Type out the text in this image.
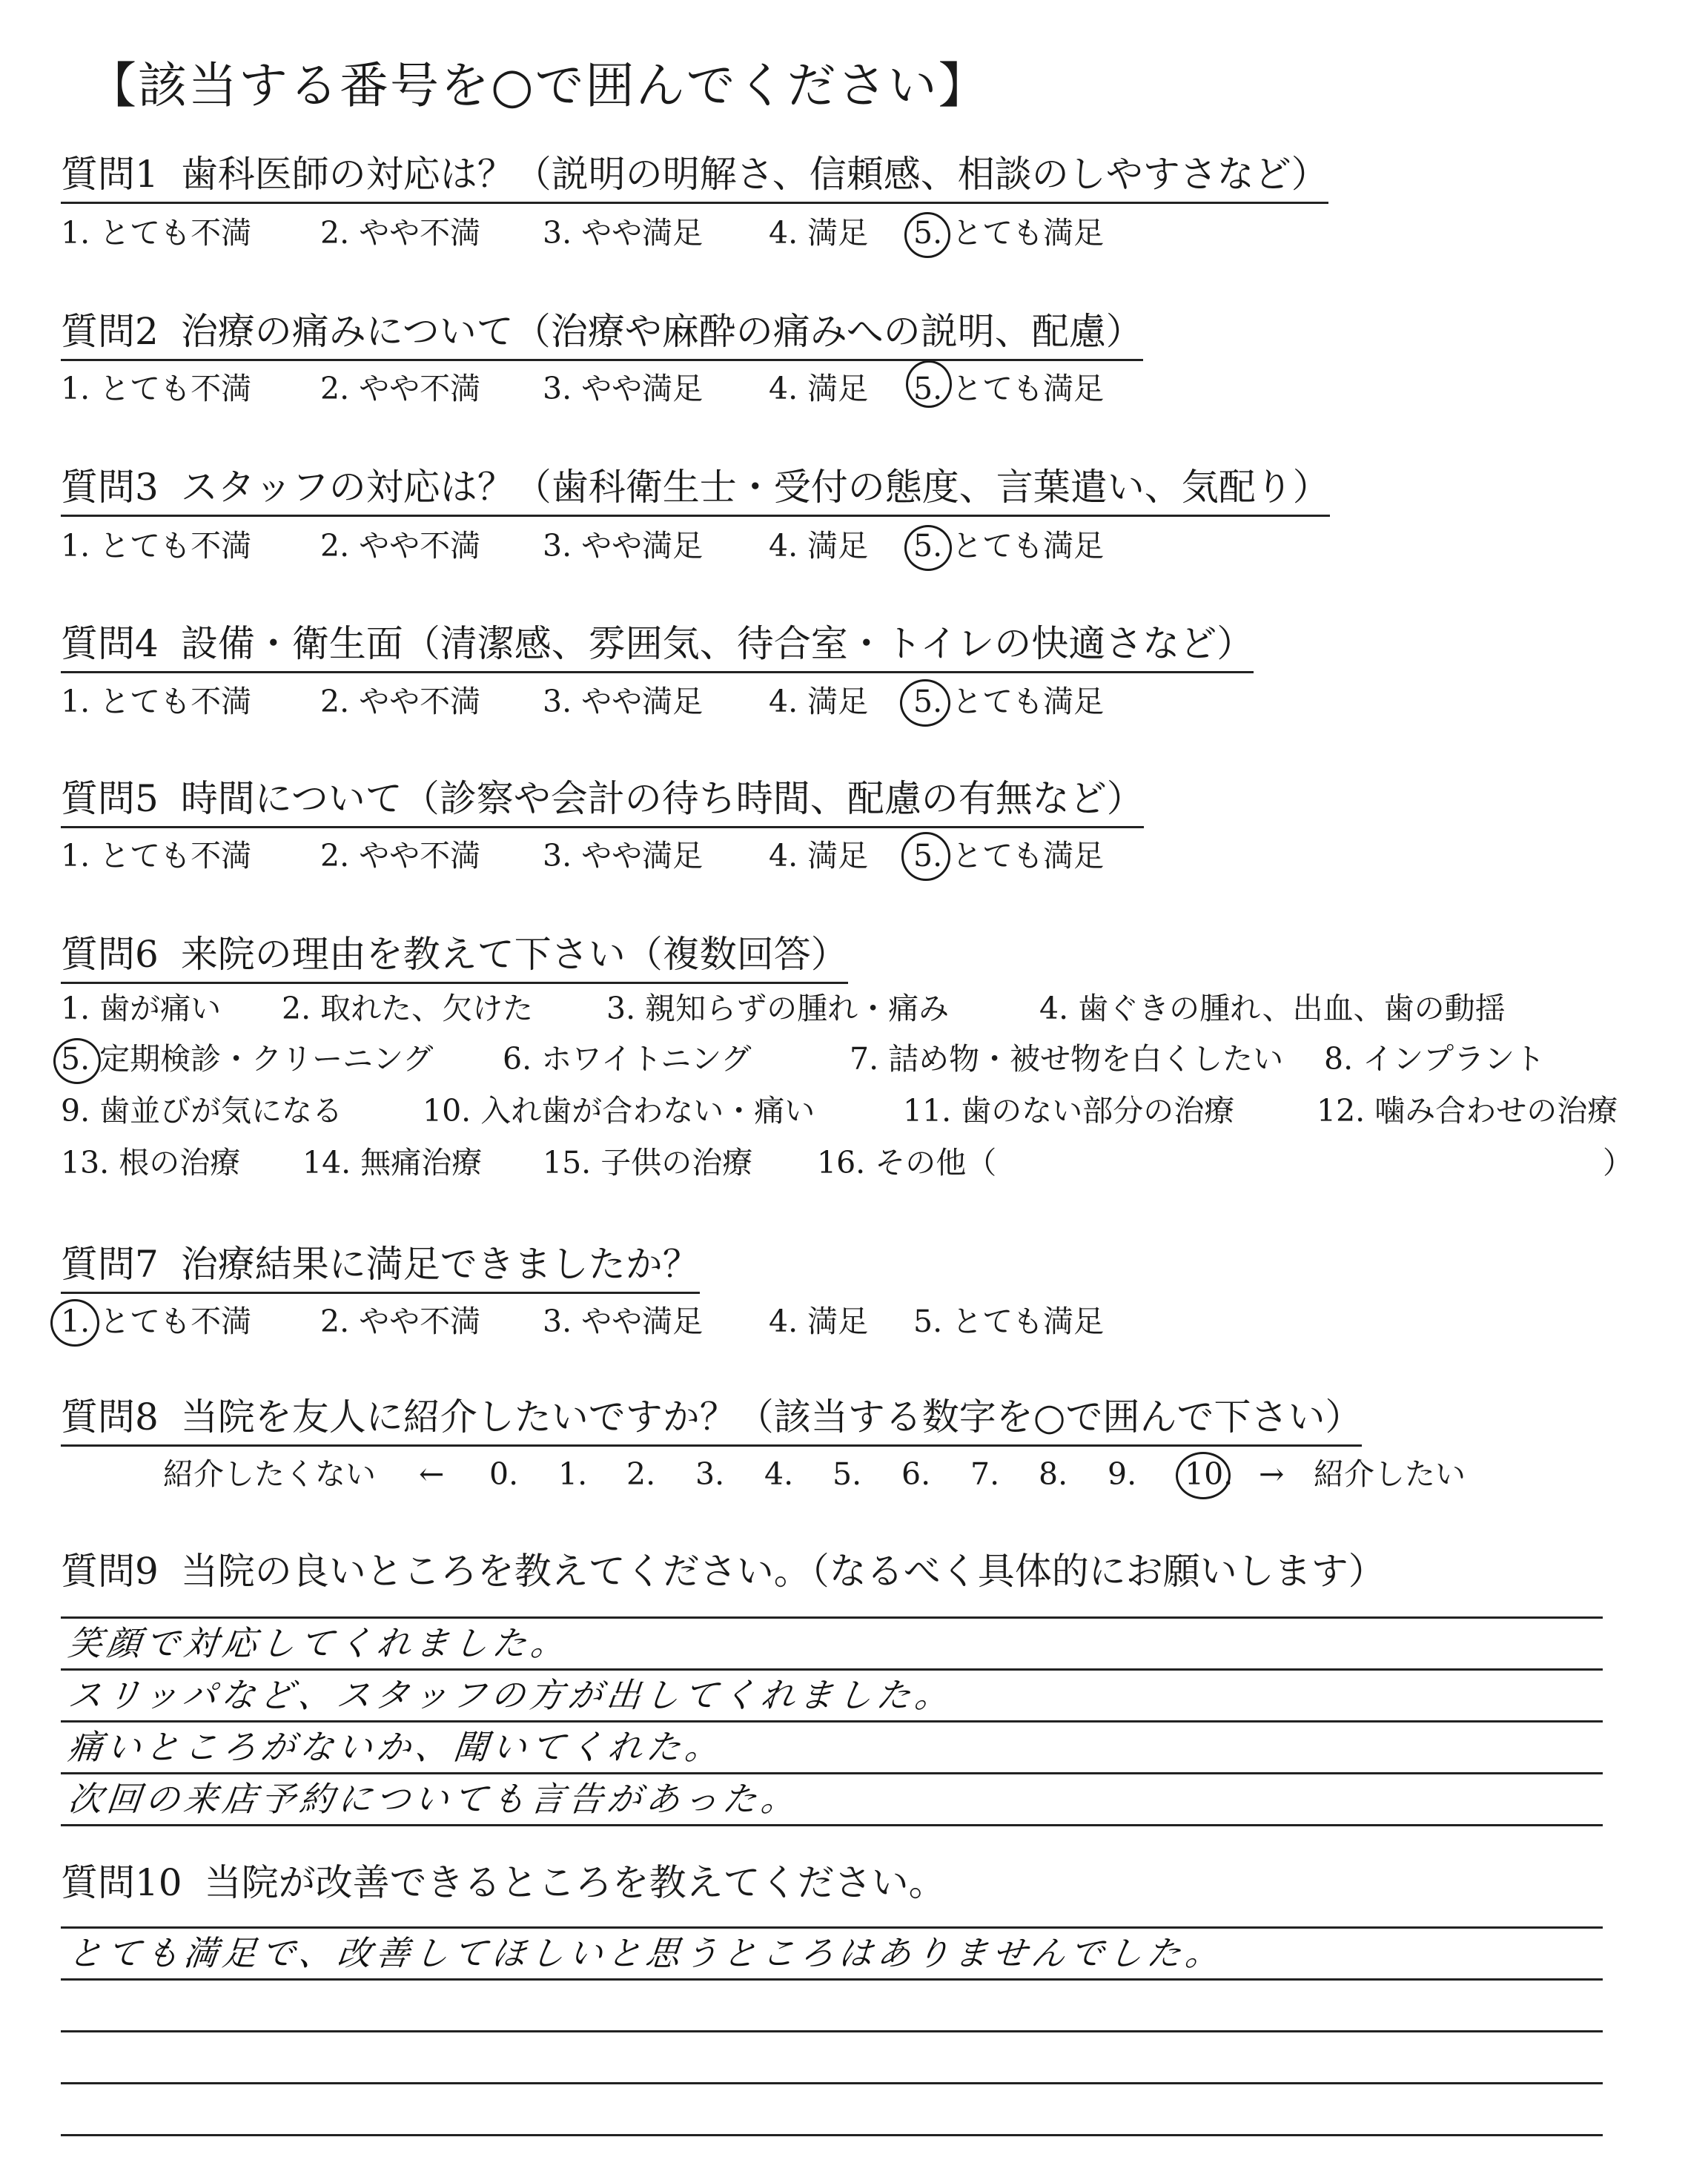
【該当する番号を○で囲んでください】
質問1 歯科医師の対応は？（説明の明解さ、信頼感、相談のしやすさなど）
1. とても不満 2. やや不満 3. やや満足 4. 満足 5. とても満足
質問2 治療の痛みについて（治療や麻酔の痛みへの説明、配慮）
1. とても不満 2. やや不満 3. やや満足 4. 満足 5. とても満足
質問3 スタッフの対応は？（歯科衛生士・受付の態度、言葉遣い、気配り）
1. とても不満 2. やや不満 3. やや満足 4. 満足 5. とても満足
質問4 設備・衛生面（清潔感、雰囲気、待合室・トイレの快適さなど）
1. とても不満 2. やや不満 3. やや満足 4. 満足 5. とても満足
質問5 時間について（診察や会計の待ち時間、配慮の有無など）
1. とても不満 2. やや不満 3. やや満足 4. 満足 5. とても満足
質問6 来院の理由を教えて下さい（複数回答）
1. 歯が痛い 2. 取れた、欠けた 3. 親知らずの腫れ・痛み	4. 歯ぐきの腫れ、出血、歯の動揺
5. 定期検診・クリーニング 6. ホワイトニング	7. 詰め物・被せ物を白くしたい 8. インプラント
9. 歯並びが気になる	10. 入れ歯が合わない・痛い	11. 歯のない部分の治療	12. 噛み合わせの治療
13. 根の治療 14. 無痛治療 15. 子供の治療 16. その他（	）
質問7 治療結果に満足できましたか？
1. とても不満 2. やや不満 3. やや満足 4. 満足 5. とても満足
質問8 当院を友人に紹介したいですか？（該当する数字を○で囲んで下さい）
紹介したくない ← 0. 1. 2. 3. 4. 5. 6. 7. 8. 9. 10. → 紹介したい
質問9 当院の良いところを教えてください。（なるべく具体的にお願いします）
笑顔で対応してくれました。
スリッパなど、スタッフの方が出してくれました。
痛いところがないか、聞いてくれた。
次回の来店予約についても言告があった。
質問10 当院が改善できるところを教えてください。
とても満足で、改善してほしいと思うところはありませんでした。
